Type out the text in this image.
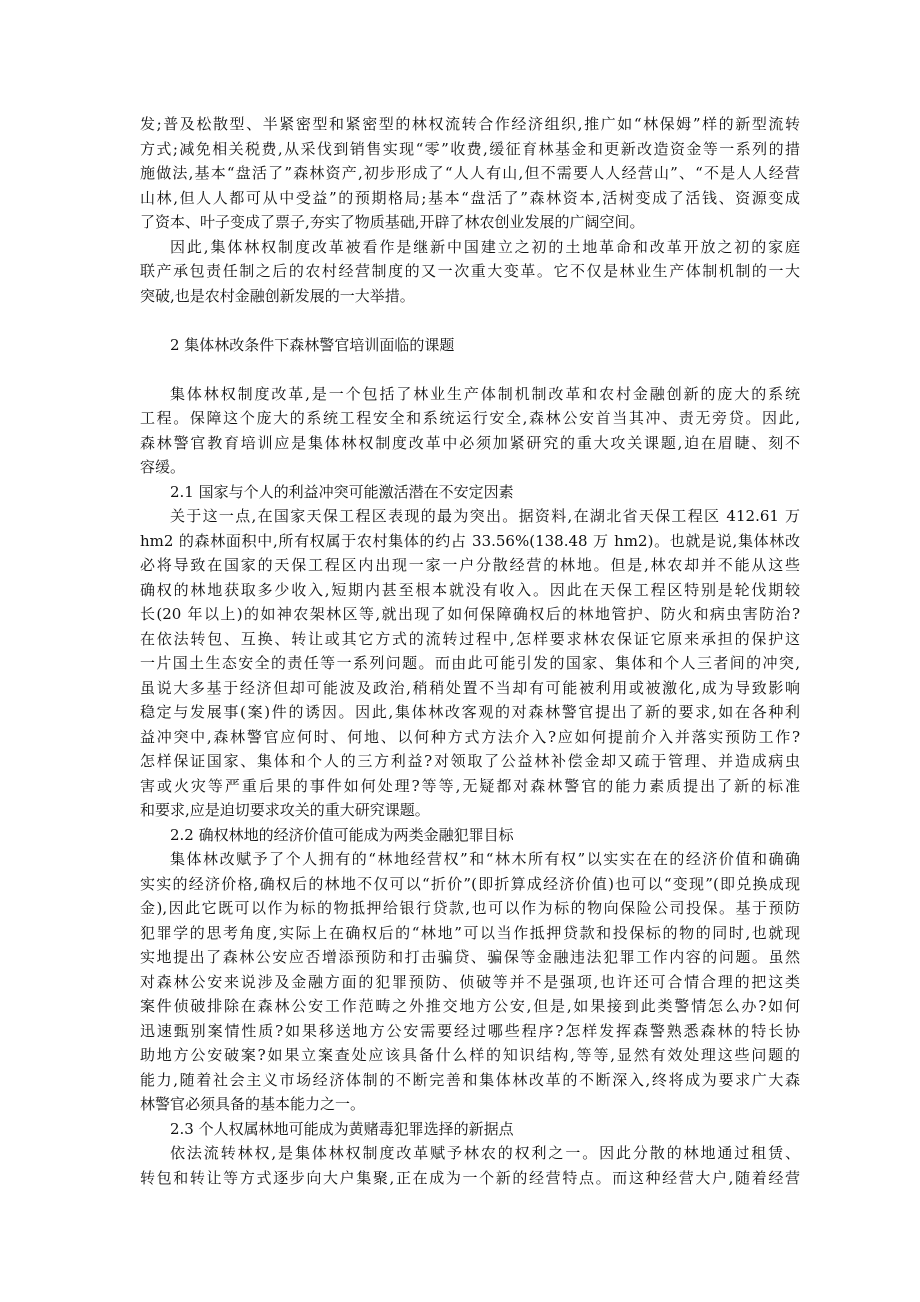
发;普及松散型、半紧密型和紧密型的林权流转合作经济组织,推广如“林保姆”样的新型流转
方式;减免相关税费,从采伐到销售实现“零”收费,缓征育林基金和更新改造资金等一系列的措
施做法,基本“盘活了”森林资产,初步形成了“人人有山,但不需要人人经营山”、“不是人人经营
山林,但人人都可从中受益”的预期格局;基本“盘活了”森林资本,活树变成了活钱、资源变成
了资本、叶子变成了票子,夯实了物质基础,开辟了林农创业发展的广阔空间。
因此,集体林权制度改革被看作是继新中国建立之初的土地革命和改革开放之初的家庭
联产承包责任制之后的农村经营制度的又一次重大变革。它不仅是林业生产体制机制的一大
突破,也是农村金融创新发展的一大举措。
2 集体林改条件下森林警官培训面临的课题
集体林权制度改革,是一个包括了林业生产体制机制改革和农村金融创新的庞大的系统
工程。保障这个庞大的系统工程安全和系统运行安全,森林公安首当其冲、责无旁贷。因此,
森林警官教育培训应是集体林权制度改革中必须加紧研究的重大攻关课题,迫在眉睫、刻不
容缓。
2.1 国家与个人的利益冲突可能激活潜在不安定因素
关于这一点,在国家天保工程区表现的最为突出。据资料,在湖北省天保工程区 412.61 万
hm2 的森林面积中,所有权属于农村集体的约占 33.56%(138.48 万 hm2)。也就是说,集体林改
必将导致在国家的天保工程区内出现一家一户分散经营的林地。但是,林农却并不能从这些
确权的林地获取多少收入,短期内甚至根本就没有收入。因此在天保工程区特别是轮伐期较
长(20 年以上)的如神农架林区等,就出现了如何保障确权后的林地管护、防火和病虫害防治?
在依法转包、互换、转让或其它方式的流转过程中,怎样要求林农保证它原来承担的保护这
一片国土生态安全的责任等一系列问题。而由此可能引发的国家、集体和个人三者间的冲突,
虽说大多基于经济但却可能波及政治,稍稍处置不当却有可能被利用或被激化,成为导致影响
稳定与发展事(案)件的诱因。因此,集体林改客观的对森林警官提出了新的要求,如在各种利
益冲突中,森林警官应何时、何地、以何种方式方法介入?应如何提前介入并落实预防工作?
怎样保证国家、集体和个人的三方利益?对领取了公益林补偿金却又疏于管理、并造成病虫
害或火灾等严重后果的事件如何处理?等等,无疑都对森林警官的能力素质提出了新的标准
和要求,应是迫切要求攻关的重大研究课题。
2.2 确权林地的经济价值可能成为两类金融犯罪目标
集体林改赋予了个人拥有的“林地经营权”和“林木所有权”以实实在在的经济价值和确确
实实的经济价格,确权后的林地不仅可以“折价”(即折算成经济价值)也可以“变现”(即兑换成现
金),因此它既可以作为标的物抵押给银行贷款,也可以作为标的物向保险公司投保。基于预防
犯罪学的思考角度,实际上在确权后的“林地”可以当作抵押贷款和投保标的物的同时,也就现
实地提出了森林公安应否增添预防和打击骗贷、骗保等金融违法犯罪工作内容的问题。虽然
对森林公安来说涉及金融方面的犯罪预防、侦破等并不是强项,也许还可合情合理的把这类
案件侦破排除在森林公安工作范畴之外推交地方公安,但是,如果接到此类警情怎么办?如何
迅速甄别案情性质?如果移送地方公安需要经过哪些程序?怎样发挥森警熟悉森林的特长协
助地方公安破案?如果立案查处应该具备什么样的知识结构,等等,显然有效处理这些问题的
能力,随着社会主义市场经济体制的不断完善和集体林改革的不断深入,终将成为要求广大森
林警官必须具备的基本能力之一。
2.3 个人权属林地可能成为黄赌毒犯罪选择的新据点
依法流转林权,是集体林权制度改革赋予林农的权利之一。因此分散的林地通过租赁、
转包和转让等方式逐步向大户集聚,正在成为一个新的经营特点。而这种经营大户,随着经营
